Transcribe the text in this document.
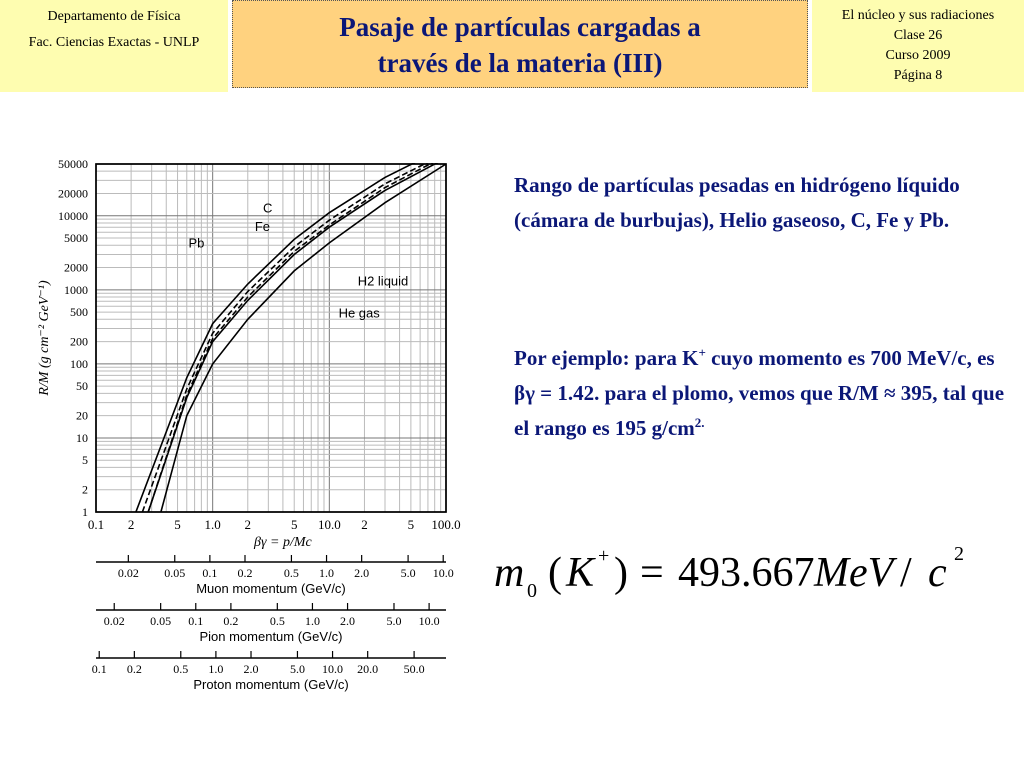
Departamento de Física
Fac. Ciencias Exactas - UNLP
Pasaje de partículas cargadas a
través de la materia (III)
El núcleo y sus radiaciones
Clase 26
Curso 2009
Página 8
Rango de partículas pesadas en hidrógeno líquido (cámara de burbujas), Helio gaseoso, C, Fe y Pb.
Por ejemplo: para K+ cuyo momento es 700 MeV/c, es βγ = 1.42. para el plomo, vemos que R/M ≈ 395, tal que el rango es 195 $g/cm^{2.}$
m 0 ( K + ) = 493.667 MeV / c 2
0.1 2	5 1.0 2	5 10.0 2	5 100.0
1
2
5
10
20
50
100
200
500
1000
2000
5000
10000
20000
50000
βγ = p/Mc
R/M (g cm⁻² GeV⁻¹)	H2 liquid
He gas
C
Fe
Pb
0.02 0.05 0.1 0.2	0.5 1.0 2.0	5.0 10.0
Muon momentum (GeV/c)
0.02 0.05 0.1 0.2	0.5 1.0 2.0	5.0 10.0
Pion momentum (GeV/c)
0.1 0.2	0.5 1.0 2.0	5.0 10.0 20.0 50.0
Proton momentum (GeV/c)
